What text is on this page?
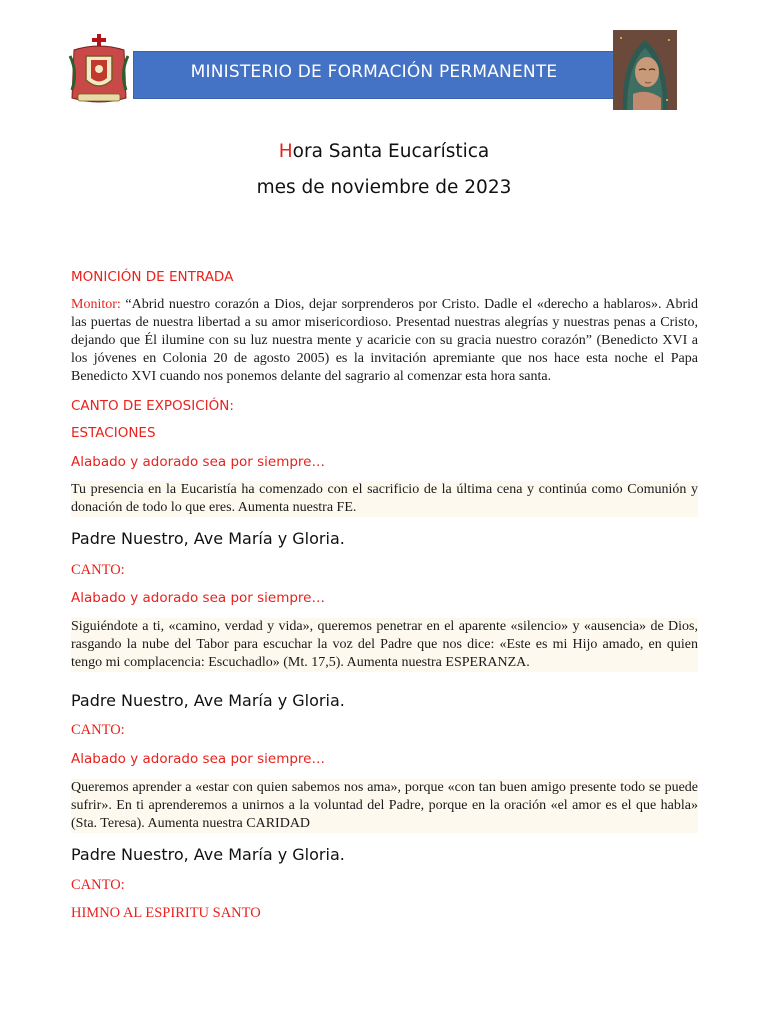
MINISTERIO DE FORMACIÓN PERMANENTE
Hora Santa Eucarística
mes de noviembre de 2023
MONICIÓN DE ENTRADA
Monitor: “Abrid nuestro corazón a Dios, dejar sorprenderos por Cristo. Dadle el «derecho a hablaros». Abrid las puertas de nuestra libertad a su amor misericordioso. Presentad nuestras alegrías y nuestras penas a Cristo, dejando que Él ilumine con su luz nuestra mente y acaricie con su gracia nuestro corazón” (Benedicto XVI a los jóvenes en Colonia 20 de agosto 2005) es la invitación apremiante que nos hace esta noche el Papa Benedicto XVI cuando nos ponemos delante del sagrario al comenzar esta hora santa.
CANTO DE EXPOSICIÓN:
ESTACIONES
Alabado y adorado sea por siempre…
Tu presencia en la Eucaristía ha comenzado con el sacrificio de la última cena y continúa como Comunión y donación de todo lo que eres. Aumenta nuestra FE.
Padre Nuestro, Ave María y Gloria.
CANTO:
Alabado y adorado sea por siempre…
Siguiéndote a ti, «camino, verdad y vida», queremos penetrar en el aparente «silencio» y «ausencia» de Dios, rasgando la nube del Tabor para escuchar la voz del Padre que nos dice: «Este es mi Hijo amado, en quien tengo mi complacencia: Escuchadlo» (Mt. 17,5). Aumenta nuestra ESPERANZA.
Padre Nuestro, Ave María y Gloria.
CANTO:
Alabado y adorado sea por siempre…
Queremos aprender a «estar con quien sabemos nos ama», porque «con tan buen amigo presente todo se puede sufrir». En ti aprenderemos a unirnos a la voluntad del Padre, porque en la oración «el amor es el que habla» (Sta. Teresa). Aumenta nuestra CARIDAD
Padre Nuestro, Ave María y Gloria.
CANTO:
HIMNO AL ESPIRITU SANTO
